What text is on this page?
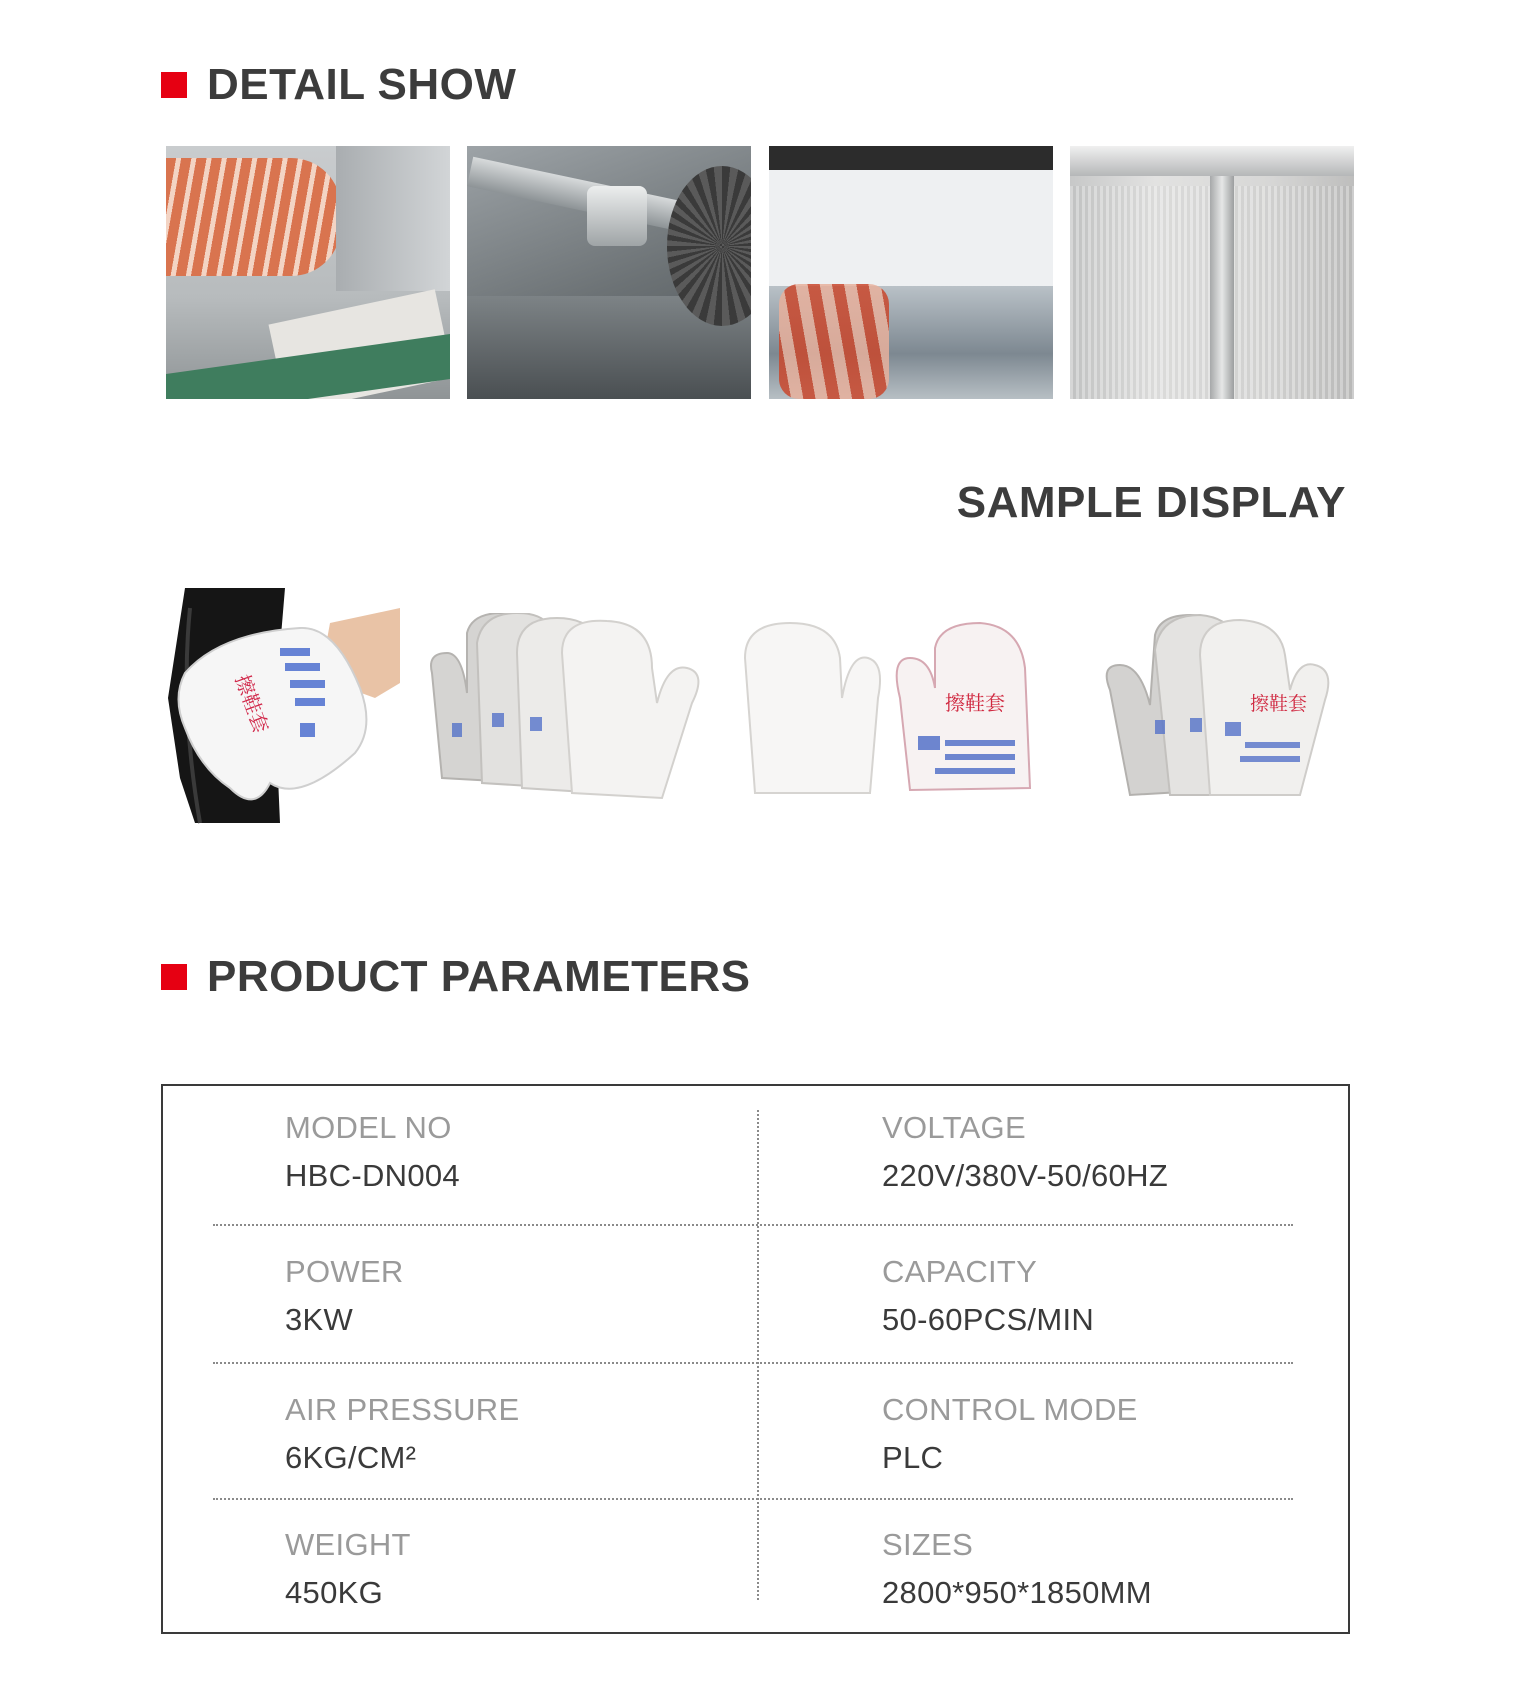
DETAIL SHOW
SAMPLE DISPLAY
擦鞋套	擦鞋套	擦鞋套
PRODUCT PARAMETERS
MODEL NO
HBC-DN004
VOLTAGE
220V/380V-50/60HZ
POWER
3KW
CAPACITY
50-60PCS/MIN
AIR PRESSURE
6KG/CM²
CONTROL MODE
PLC
WEIGHT
450KG
SIZES
2800*950*1850MM
